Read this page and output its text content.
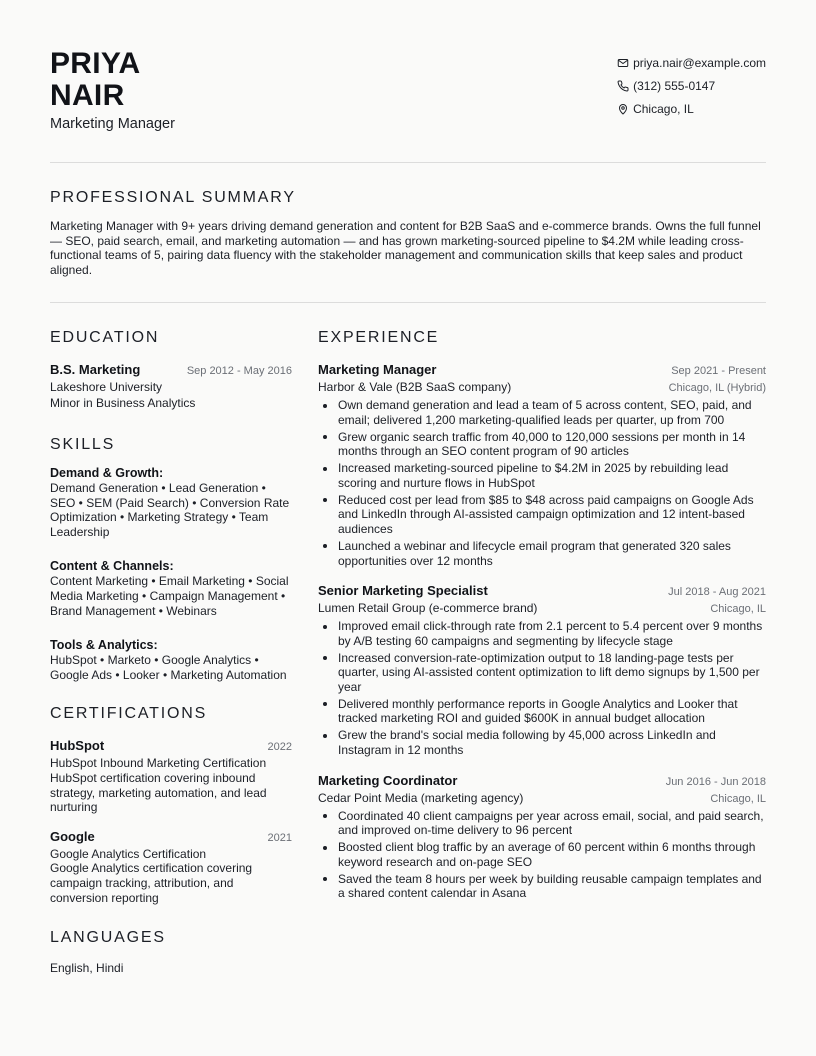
PRIYA
NAIR
Marketing Manager
priya.nair@example.com
(312) 555-0147
Chicago, IL
PROFESSIONAL SUMMARY

Marketing Manager with 9+ years driving demand generation and content for B2B SaaS and e-commerce brands. Owns the full funnel — SEO, paid search, email, and marketing automation — and has grown marketing-sourced pipeline to $4.2M while leading cross-functional teams of 5, pairing data fluency with the stakeholder management and communication skills that keep sales and product aligned.

EDUCATION
B.S. Marketing	Sep 2012 - May 2016
Lakeshore University
Minor in Business Analytics
SKILLS
Demand & Growth:
Demand Generation • Lead Generation • SEO • SEM (Paid Search) • Conversion Rate Optimization • Marketing Strategy • Team Leadership
Content & Channels:
Content Marketing • Email Marketing • Social Media Marketing • Campaign Management • Brand Management • Webinars
Tools & Analytics:
HubSpot • Marketo • Google Analytics • Google Ads • Looker • Marketing Automation
CERTIFICATIONS
HubSpot	2022
HubSpot Inbound Marketing Certification
HubSpot certification covering inbound strategy, marketing automation, and lead nurturing
Google	2021
Google Analytics Certification
Google Analytics certification covering campaign tracking, attribution, and conversion reporting
LANGUAGES
English, Hindi
EXPERIENCE
Marketing Manager	Sep 2021 - Present
Harbor & Vale (B2B SaaS company)	Chicago, IL (Hybrid)
Own demand generation and lead a team of 5 across content, SEO, paid, and email; delivered 1,200 marketing-qualified leads per quarter, up from 700
Grew organic search traffic from 40,000 to 120,000 sessions per month in 14 months through an SEO content program of 90 articles
Increased marketing-sourced pipeline to $4.2M in 2025 by rebuilding lead scoring and nurture flows in HubSpot
Reduced cost per lead from $85 to $48 across paid campaigns on Google Ads and LinkedIn through AI-assisted campaign optimization and 12 intent-based audiences
Launched a webinar and lifecycle email program that generated 320 sales opportunities over 12 months
Senior Marketing Specialist	Jul 2018 - Aug 2021
Lumen Retail Group (e-commerce brand)	Chicago, IL
Improved email click-through rate from 2.1 percent to 5.4 percent over 9 months by A/B testing 60 campaigns and segmenting by lifecycle stage
Increased conversion-rate-optimization output to 18 landing-page tests per quarter, using AI-assisted content optimization to lift demo signups by 1,500 per year
Delivered monthly performance reports in Google Analytics and Looker that tracked marketing ROI and guided $600K in annual budget allocation
Grew the brand's social media following by 45,000 across LinkedIn and Instagram in 12 months
Marketing Coordinator	Jun 2016 - Jun 2018
Cedar Point Media (marketing agency)	Chicago, IL
Coordinated 40 client campaigns per year across email, social, and paid search, and improved on-time delivery to 96 percent
Boosted client blog traffic by an average of 60 percent within 6 months through keyword research and on-page SEO
Saved the team 8 hours per week by building reusable campaign templates and a shared content calendar in Asana
